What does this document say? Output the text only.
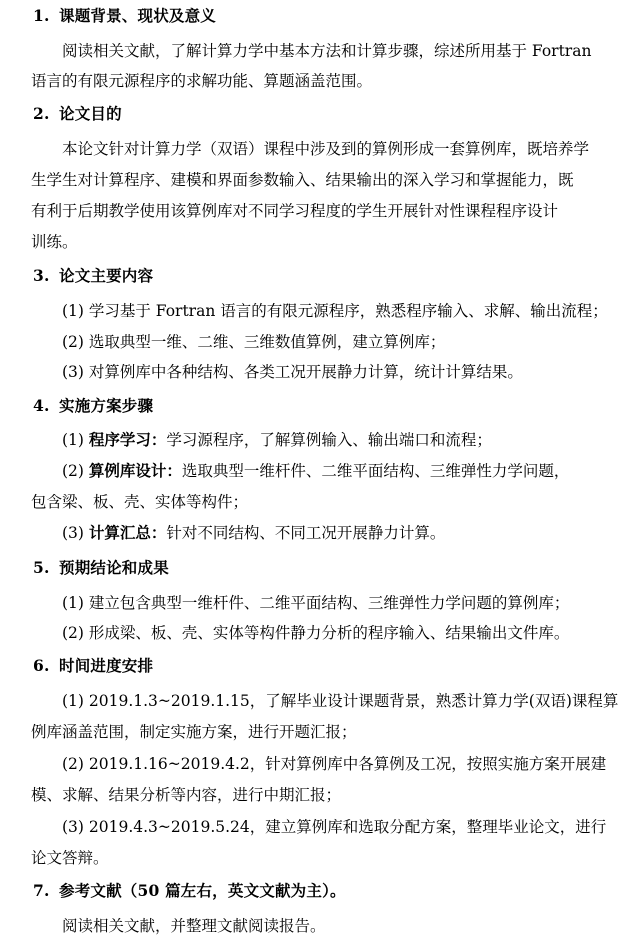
1. 课题背景、现状及意义
阅读相关文献，了解计算力学中基本方法和计算步骤，综述所用基于 Fortran
语言的有限元源程序的求解功能、算题涵盖范围。
2. 论文目的
本论文针对计算力学（双语）课程中涉及到的算例形成一套算例库，既培养学
生学生对计算程序、建模和界面参数输入、结果输出的深入学习和掌握能力，既
有利于后期教学使用该算例库对不同学习程度的学生开展针对性课程程序设计
训练。
3. 论文主要内容
(1) 学习基于 Fortran 语言的有限元源程序，熟悉程序输入、求解、输出流程；
(2) 选取典型一维、二维、三维数值算例，建立算例库；
(3) 对算例库中各种结构、各类工况开展静力计算，统计计算结果。
4. 实施方案步骤
(1) 程序学习：学习源程序，了解算例输入、输出端口和流程；
(2) 算例库设计：选取典型一维杆件、二维平面结构、三维弹性力学问题，
包含梁、板、壳、实体等构件；
(3) 计算汇总：针对不同结构、不同工况开展静力计算。
5. 预期结论和成果
(1) 建立包含典型一维杆件、二维平面结构、三维弹性力学问题的算例库；
(2) 形成梁、板、壳、实体等构件静力分析的程序输入、结果输出文件库。
6. 时间进度安排
(1) 2019.1.3~2019.1.15，了解毕业设计课题背景，熟悉计算力学(双语)课程算
例库涵盖范围，制定实施方案，进行开题汇报；
(2) 2019.1.16~2019.4.2，针对算例库中各算例及工况，按照实施方案开展建
模、求解、结果分析等内容，进行中期汇报；
(3) 2019.4.3~2019.5.24，建立算例库和选取分配方案，整理毕业论文，进行
论文答辩。
7. 参考文献（50 篇左右，英文文献为主）。
阅读相关文献，并整理文献阅读报告。
